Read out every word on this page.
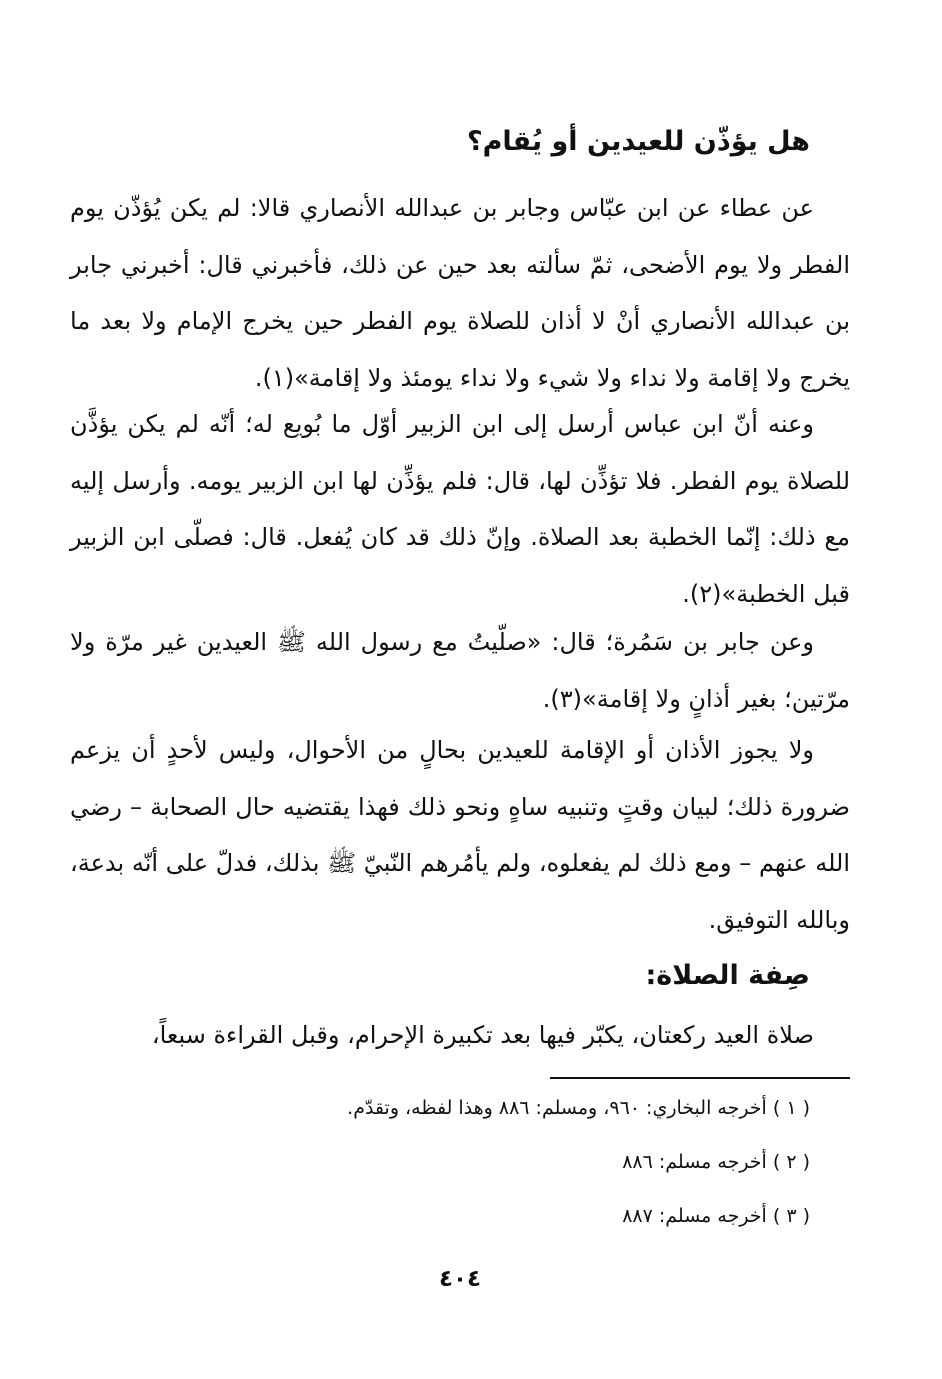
هل يؤذّن للعيدين أو يُقام؟

عن عطاء عن ابن عبّاس وجابر بن عبدالله الأنصاري قالا: لم يكن يُؤذّن يوم الفطر ولا يوم الأضحى، ثمّ سألته بعد حين عن ذلك، فأخبرني قال: أخبرني جابر بن عبدالله الأنصاري أنْ لا أذان للصلاة يوم الفطر حين يخرج الإمام ولا بعد ما يخرج ولا إقامة ولا نداء ولا شيء ولا نداء يومئذ ولا إقامة»(١).

وعنه أنّ ابن عباس أرسل إلى ابن الزبير أوّل ما بُويع له؛ أنّه لم يكن يؤذَّن للصلاة يوم الفطر. فلا تؤذِّن لها، قال: فلم يؤذِّن لها ابن الزبير يومه. وأرسل إليه مع ذلك: إنّما الخطبة بعد الصلاة. وإنّ ذلك قد كان يُفعل. قال: فصلّى ابن الزبير قبل الخطبة»(٢).

وعن جابر بن سَمُرة؛ قال: «صلّيتُ مع رسول الله ﷺ العيدين غير مرّة ولا مرّتين؛ بغير أذانٍ ولا إقامة»(٣).

ولا يجوز الأذان أو الإقامة للعيدين بحالٍ من الأحوال، وليس لأحدٍ أن يزعم ضرورة ذلك؛ لبيان وقتٍ وتنبيه ساهٍ ونحو ذلك فهذا يقتضيه حال الصحابة – رضي الله عنهم – ومع ذلك لم يفعلوه، ولم يأمُرهم النّبيّ ﷺ بذلك، فدلّ على أنّه بدعة، وبالله التوفيق.

صِفة الصلاة:

صلاة العيد ركعتان، يكبّر فيها بعد تكبيرة الإحرام، وقبل القراءة سبعاً،

( ١ ) أخرجه البخاري: ٩٦٠، ومسلم: ٨٨٦ وهذا لفظه، وتقدّم.
( ٢ ) أخرجه مسلم: ٨٨٦
( ٣ ) أخرجه مسلم: ٨٨٧
٤٠٤
